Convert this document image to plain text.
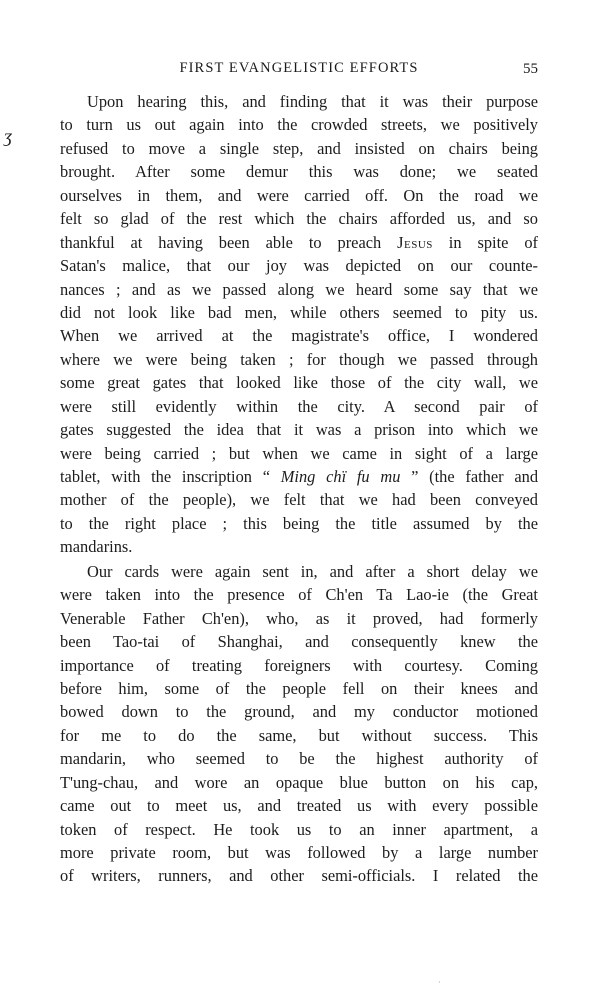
FIRST EVANGELISTIC EFFORTS	55
ʒ
Upon hearing this, and finding that it was their purpose
to turn us out again into the crowded streets, we positively
refused to move a single step, and insisted on chairs being
brought. After some demur this was done; we seated
ourselves in them, and were carried off. On the road we
felt so glad of the rest which the chairs afforded us, and so
thankful at having been able to preach Jesus in spite of
Satan's malice, that our joy was depicted on our counte-
nances ; and as we passed along we heard some say that we
did not look like bad men, while others seemed to pity us.
When we arrived at the magistrate's office, I wondered
where we were being taken ; for though we passed through
some great gates that looked like those of the city wall, we
were still evidently within the city. A second pair of
gates suggested the idea that it was a prison into which we
were being carried ; but when we came in sight of a large
tablet, with the inscription “ Ming chï fu mu ” (the father and
mother of the people), we felt that we had been conveyed
to the right place ; this being the title assumed by the
mandarins.
Our cards were again sent in, and after a short delay we
were taken into the presence of Ch'en Ta Lao-ie (the Great
Venerable Father Ch'en), who, as it proved, had formerly
been Tao-tai of Shanghai, and consequently knew the
importance of treating foreigners with courtesy. Coming
before him, some of the people fell on their knees and
bowed down to the ground, and my conductor motioned
for me to do the same, but without success. This
mandarin, who seemed to be the highest authority of
T'ung-chau, and wore an opaque blue button on his cap,
came out to meet us, and treated us with every possible
token of respect. He took us to an inner apartment, a
more private room, but was followed by a large number
of writers, runners, and other semi-officials. I related the
·
